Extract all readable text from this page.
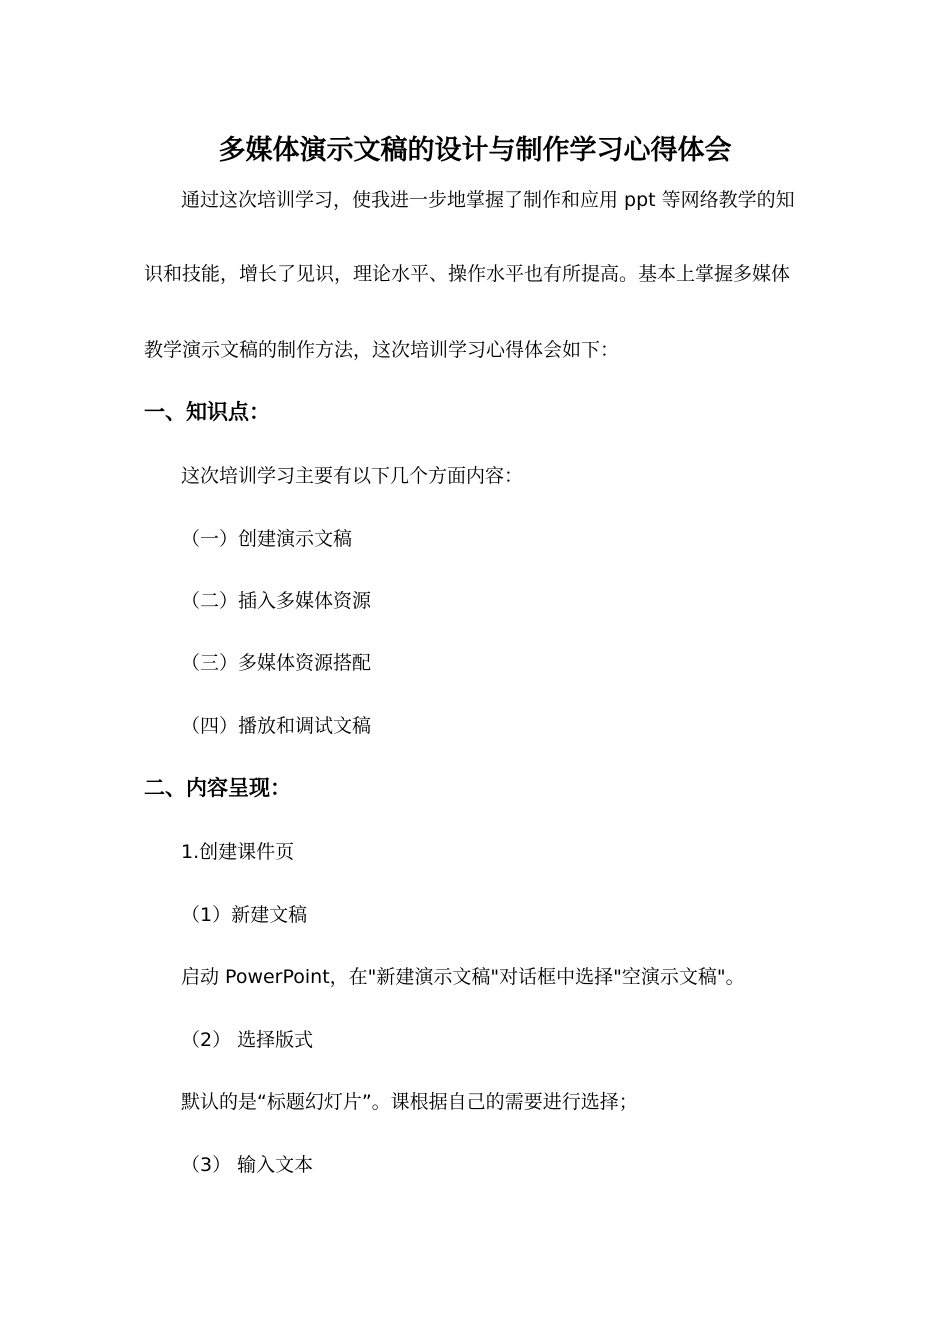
多媒体演示文稿的设计与制作学习心得体会
通过这次培训学习，使我进一步地掌握了制作和应用 ppt 等网络教学的知
识和技能，增长了见识，理论水平、操作水平也有所提高。基本上掌握多媒体
教学演示文稿的制作方法，这次培训学习心得体会如下：
一、知识点：
这次培训学习主要有以下几个方面内容：
（一）创建演示文稿
（二）插入多媒体资源
（三）多媒体资源搭配
（四）播放和调试文稿
二、内容呈现：
1.创建课件页
（1）新建文稿
启动 PowerPoint，在"新建演示文稿"对话框中选择"空演示文稿"。
（2） 选择版式
默认的是“标题幻灯片”。课根据自己的需要进行选择；
（3） 输入文本
